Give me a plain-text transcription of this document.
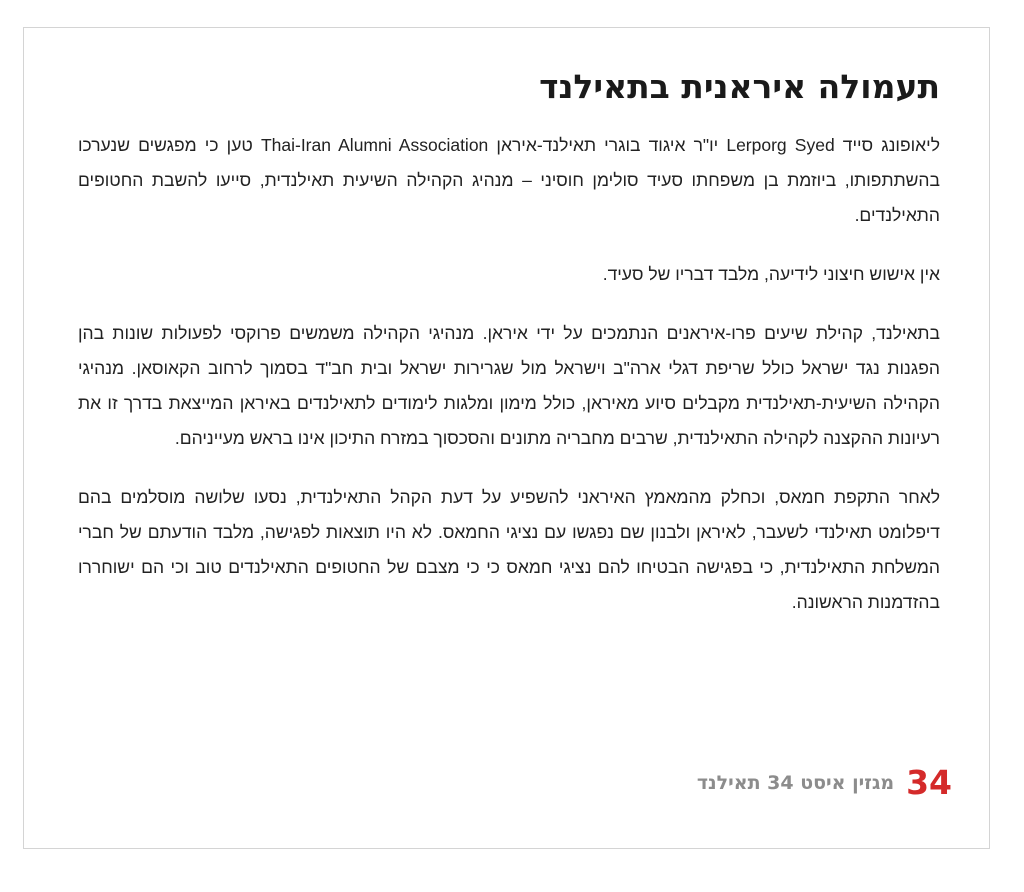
תעמולה איראנית בתאילנד

ליאופונג סייד Lerporg Syed יו"ר איגוד בוגרי תאילנד-איראן Thai-Iran Alumni Association טען כי מפגשים שנערכו בהשתתפותו, ביוזמת בן משפחתו סעיד סולימן חוסיני – מנהיג הקהילה השיעית תאילנדית, סייעו להשבת החטופים התאילנדים.

אין אישוש חיצוני לידיעה, מלבד דבריו של סעיד.

בתאילנד, קהילת שיעים פרו-איראנים הנתמכים על ידי איראן. מנהיגי הקהילה משמשים פרוקסי לפעולות שונות בהן הפגנות נגד ישראל כולל שריפת דגלי ארה"ב וישראל מול שגרירות ישראל ובית חב"ד בסמוך לרחוב הקאוסאן. מנהיגי הקהילה השיעית-תאילנדית מקבלים סיוע מאיראן, כולל מימון ומלגות לימודים לתאילנדים באיראן המייצאת בדרך זו את רעיונות ההקצנה לקהילה התאילנדית, שרבים מחבריה מתונים והסכסוך במזרח התיכון אינו בראש מעייניהם.

לאחר התקפת חמאס, וכחלק מהמאמץ האיראני להשפיע על דעת הקהל התאילנדית, נסעו שלושה מוסלמים בהם דיפלומט תאילנדי לשעבר, לאיראן ולבנון שם נפגשו עם נציגי החמאס. לא היו תוצאות לפגישה, מלבד הודעתם של חברי המשלחת התאילנדית, כי בפגישה הבטיחו להם נציגי חמאס כי כי מצבם של החטופים התאילנדים טוב וכי הם ישוחררו בהזדמנות הראשונה.

34
מגזין איסט 34 תאילנד
